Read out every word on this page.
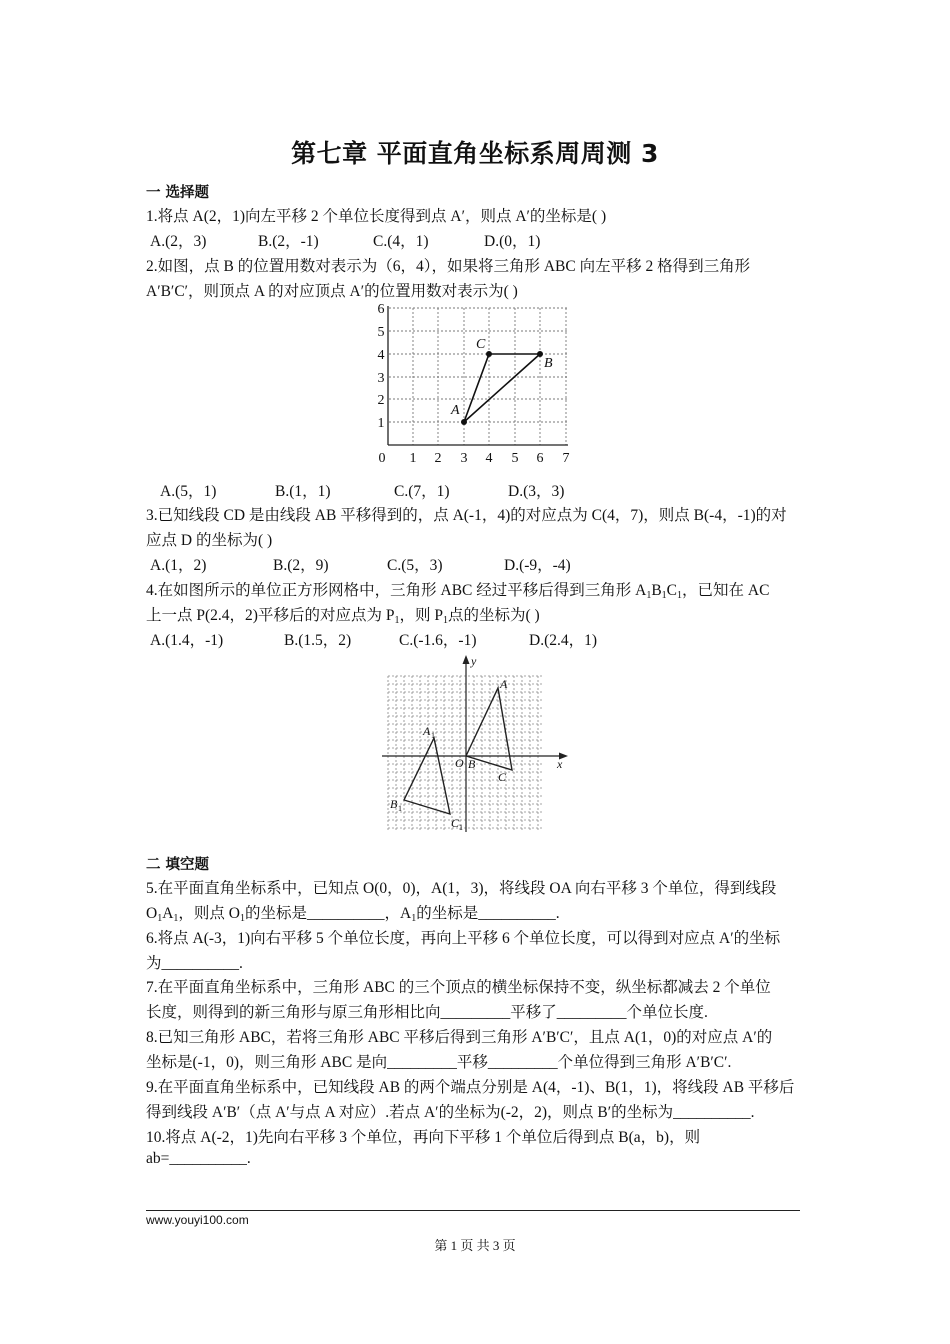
第七章 平面直角坐标系周周测 3
一 选择题
1.将点 A(2，1)向左平移 2 个单位长度得到点 A′，则点 A′的坐标是( )
A.(2，3)	B.(2，-1)	C.(4，1)	D.(0，1)
2.如图，点 B 的位置用数对表示为（6，4），如果将三角形 ABC 向左平移 2 格得到三角形
A′B′C′，则顶点 A 的对应顶点 A′的位置用数对表示为( )
0 1 2 3 4 5 6 7
1
2
3
4
5
6
A
B
C
A.(5，1)	B.(1，1)	C.(7，1)	D.(3，3)
3.已知线段 CD 是由线段 AB 平移得到的，点 A(-1，4)的对应点为 C(4，7)，则点 B(-4，-1)的对
应点 D 的坐标为( )
A.(1，2)	B.(2，9)	C.(5，3)	D.(-9，-4)
4.在如图所示的单位正方形网格中，三角形 ABC 经过平移后得到三角形 $A_1B_1C_1$，已知在 AC
上一点 P(2.4，2)平移后的对应点为 $P_1$，则 $P_1$点的坐标为( )
A.(1.4，-1)	B.(1.5，2)	C.(-1.6，-1)	D.(2.4，1)
x
y
O
A
B
C
A
B
C
1
1
1
二 填空题
5.在平面直角坐标系中，已知点 O(0，0)，A(1，3)，将线段 OA 向右平移 3 个单位，得到线段
$O_1A_1$，则点 $O_1$的坐标是__________，$A_1$的坐标是__________.
6.将点 A(-3，1)向右平移 5 个单位长度，再向上平移 6 个单位长度，可以得到对应点 A′的坐标
为__________.
7.在平面直角坐标系中，三角形 ABC 的三个顶点的横坐标保持不变，纵坐标都减去 2 个单位
长度，则得到的新三角形与原三角形相比向_________平移了_________个单位长度.
8.已知三角形 ABC，若将三角形 ABC 平移后得到三角形 A′B′C′，且点 A(1，0)的对应点 A′的
坐标是(-1，0)，则三角形 ABC 是向_________平移_________个单位得到三角形 A′B′C′.
9.在平面直角坐标系中，已知线段 AB 的两个端点分别是 A(4，-1)、B(1，1)，将线段 AB 平移后
得到线段 A′B′（点 A′与点 A 对应）.若点 A′的坐标为(-2，2)，则点 B′的坐标为__________.
10.将点 A(-2，1)先向右平移 3 个单位，再向下平移 1 个单位后得到点 B(a，b)，则
ab=__________.
www.youyi100.com
第 1 页 共 3 页
